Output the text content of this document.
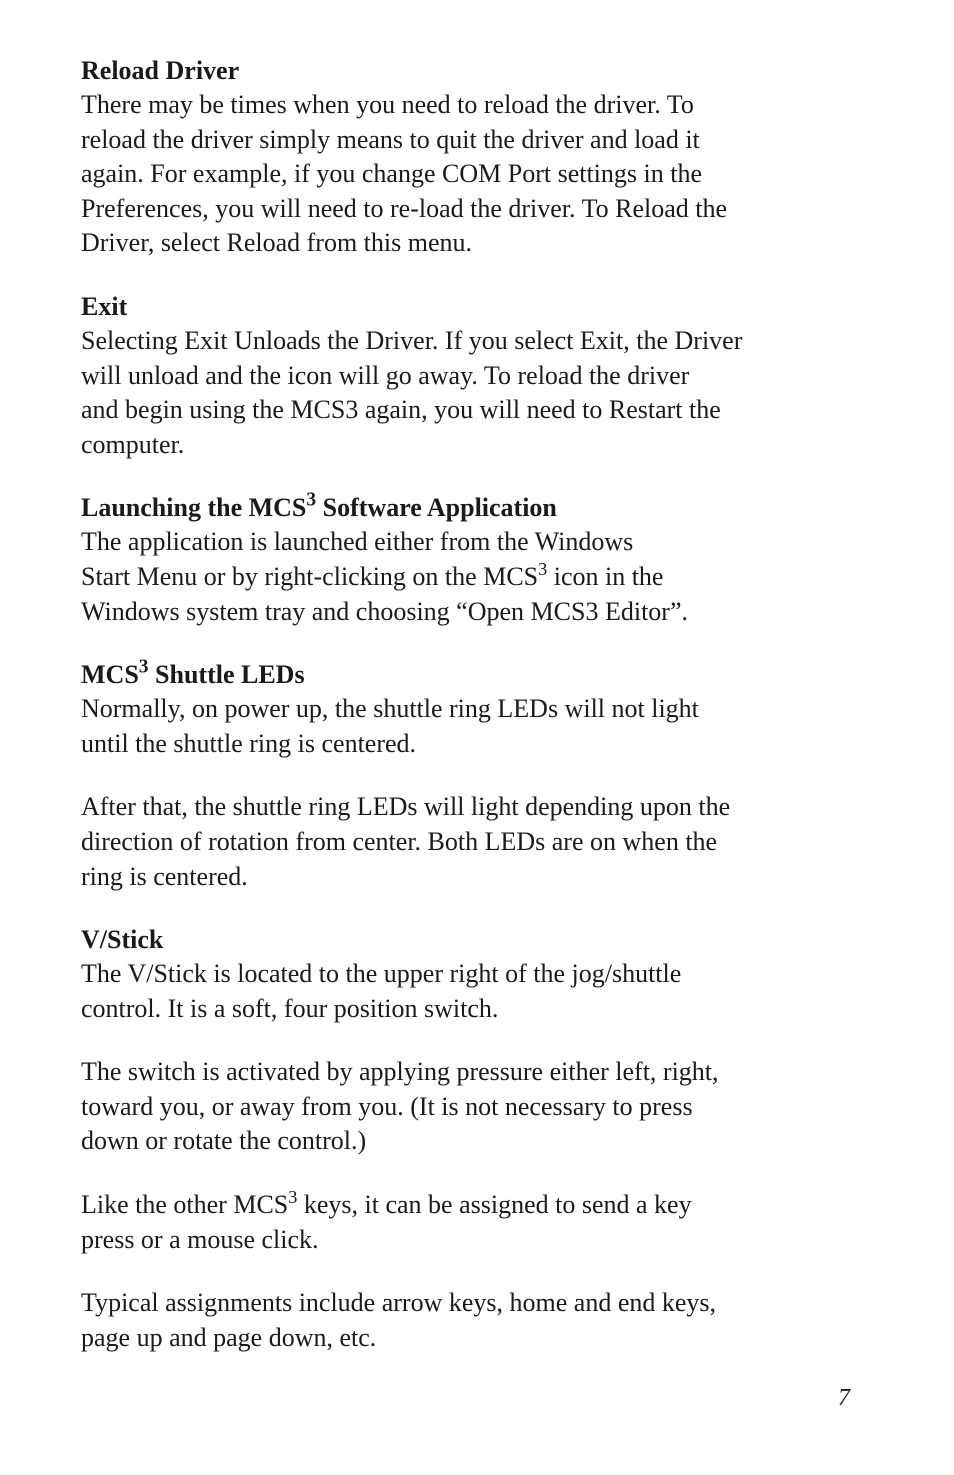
Reload Driver
There may be times when you need to reload the driver. To
reload the driver simply means to quit the driver and load it
again. For example, if you change COM Port settings in the
Preferences, you will need to re-load the driver. To Reload the
Driver, select Reload from this menu.
Exit
Selecting Exit Unloads the Driver. If you select Exit, the Driver
will unload and the icon will go away. To reload the driver
and begin using the MCS3 again, you will need to Restart the
computer.
Launching the MCS$^3$ Software Application
The application is launched either from the Windows
Start Menu or by right-clicking on the MCS$^3$ icon in the
Windows system tray and choosing “Open MCS3 Editor”.
MCS$^3$ Shuttle LEDs
Normally, on power up, the shuttle ring LEDs will not light
until the shuttle ring is centered.
After that, the shuttle ring LEDs will light depending upon the
direction of rotation from center. Both LEDs are on when the
ring is centered.
V/Stick
The V/Stick is located to the upper right of the jog/shuttle
control. It is a soft, four position switch.
The switch is activated by applying pressure either left, right,
toward you, or away from you. (It is not necessary to press
down or rotate the control.)
Like the other MCS$^3$ keys, it can be assigned to send a key
press or a mouse click.
Typical assignments include arrow keys, home and end keys,
page up and page down, etc.
7
